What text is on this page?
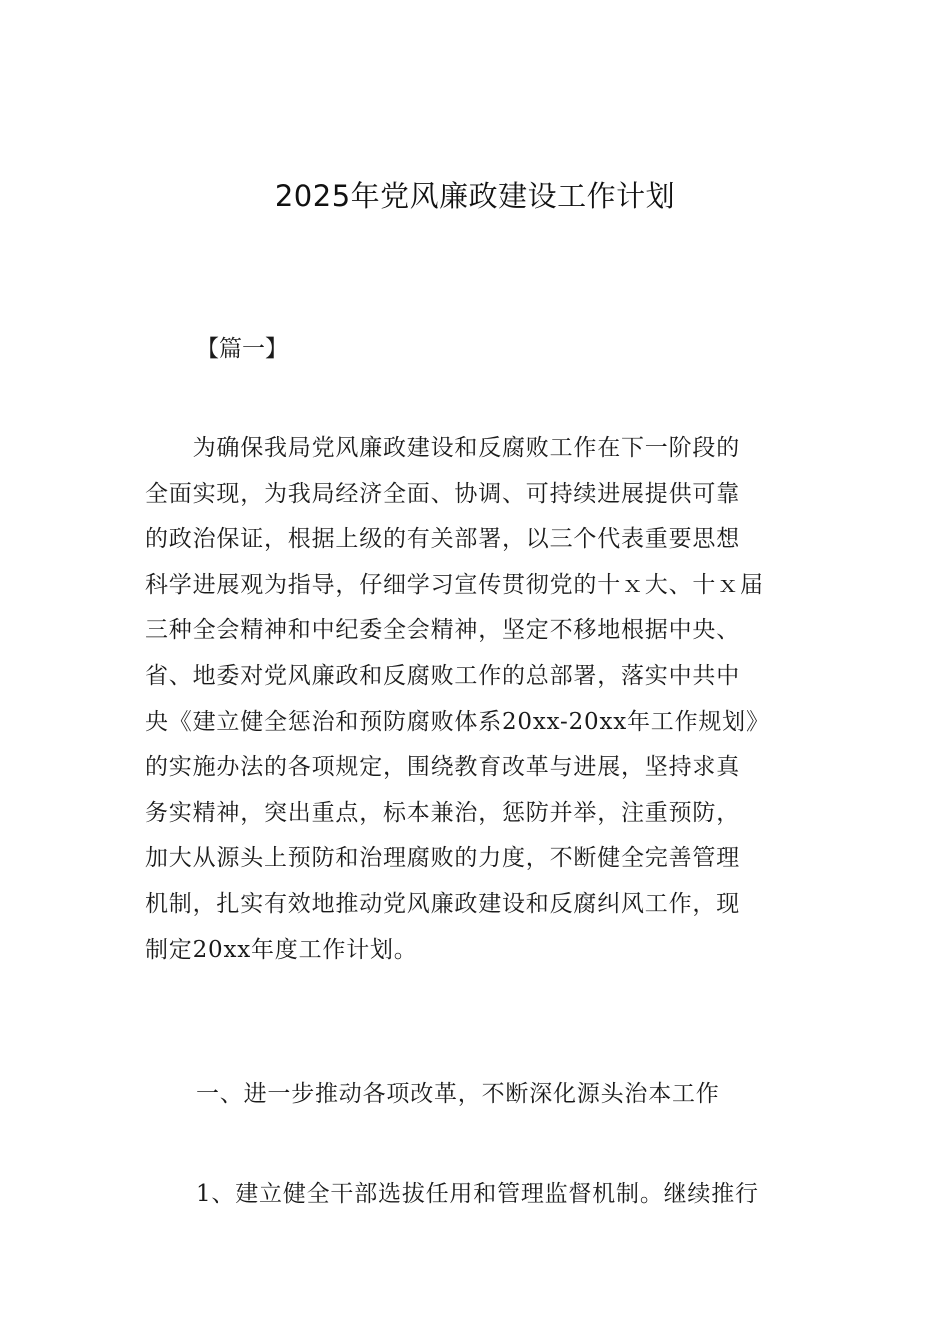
2025年党风廉政建设工作计划
【篇一】
　　为确保我局党风廉政建设和反腐败工作在下一阶段的
全面实现，为我局经济全面、协调、可持续进展提供可靠
的政治保证，根据上级的有关部署，以三个代表重要思想
科学进展观为指导，仔细学习宣传贯彻党的十ｘ大、十ｘ届
三种全会精神和中纪委全会精神，坚定不移地根据中央、
省、地委对党风廉政和反腐败工作的总部署，落实中共中
央《建立健全惩治和预防腐败体系20xx-20xx年工作规划》
的实施办法的各项规定，围绕教育改革与进展，坚持求真
务实精神，突出重点，标本兼治，惩防并举，注重预防，
加大从源头上预防和治理腐败的力度，不断健全完善管理
机制，扎实有效地推动党风廉政建设和反腐纠风工作，现
制定20xx年度工作计划。
一、进一步推动各项改革，不断深化源头治本工作
1、建立健全干部选拔任用和管理监督机制。继续推行
